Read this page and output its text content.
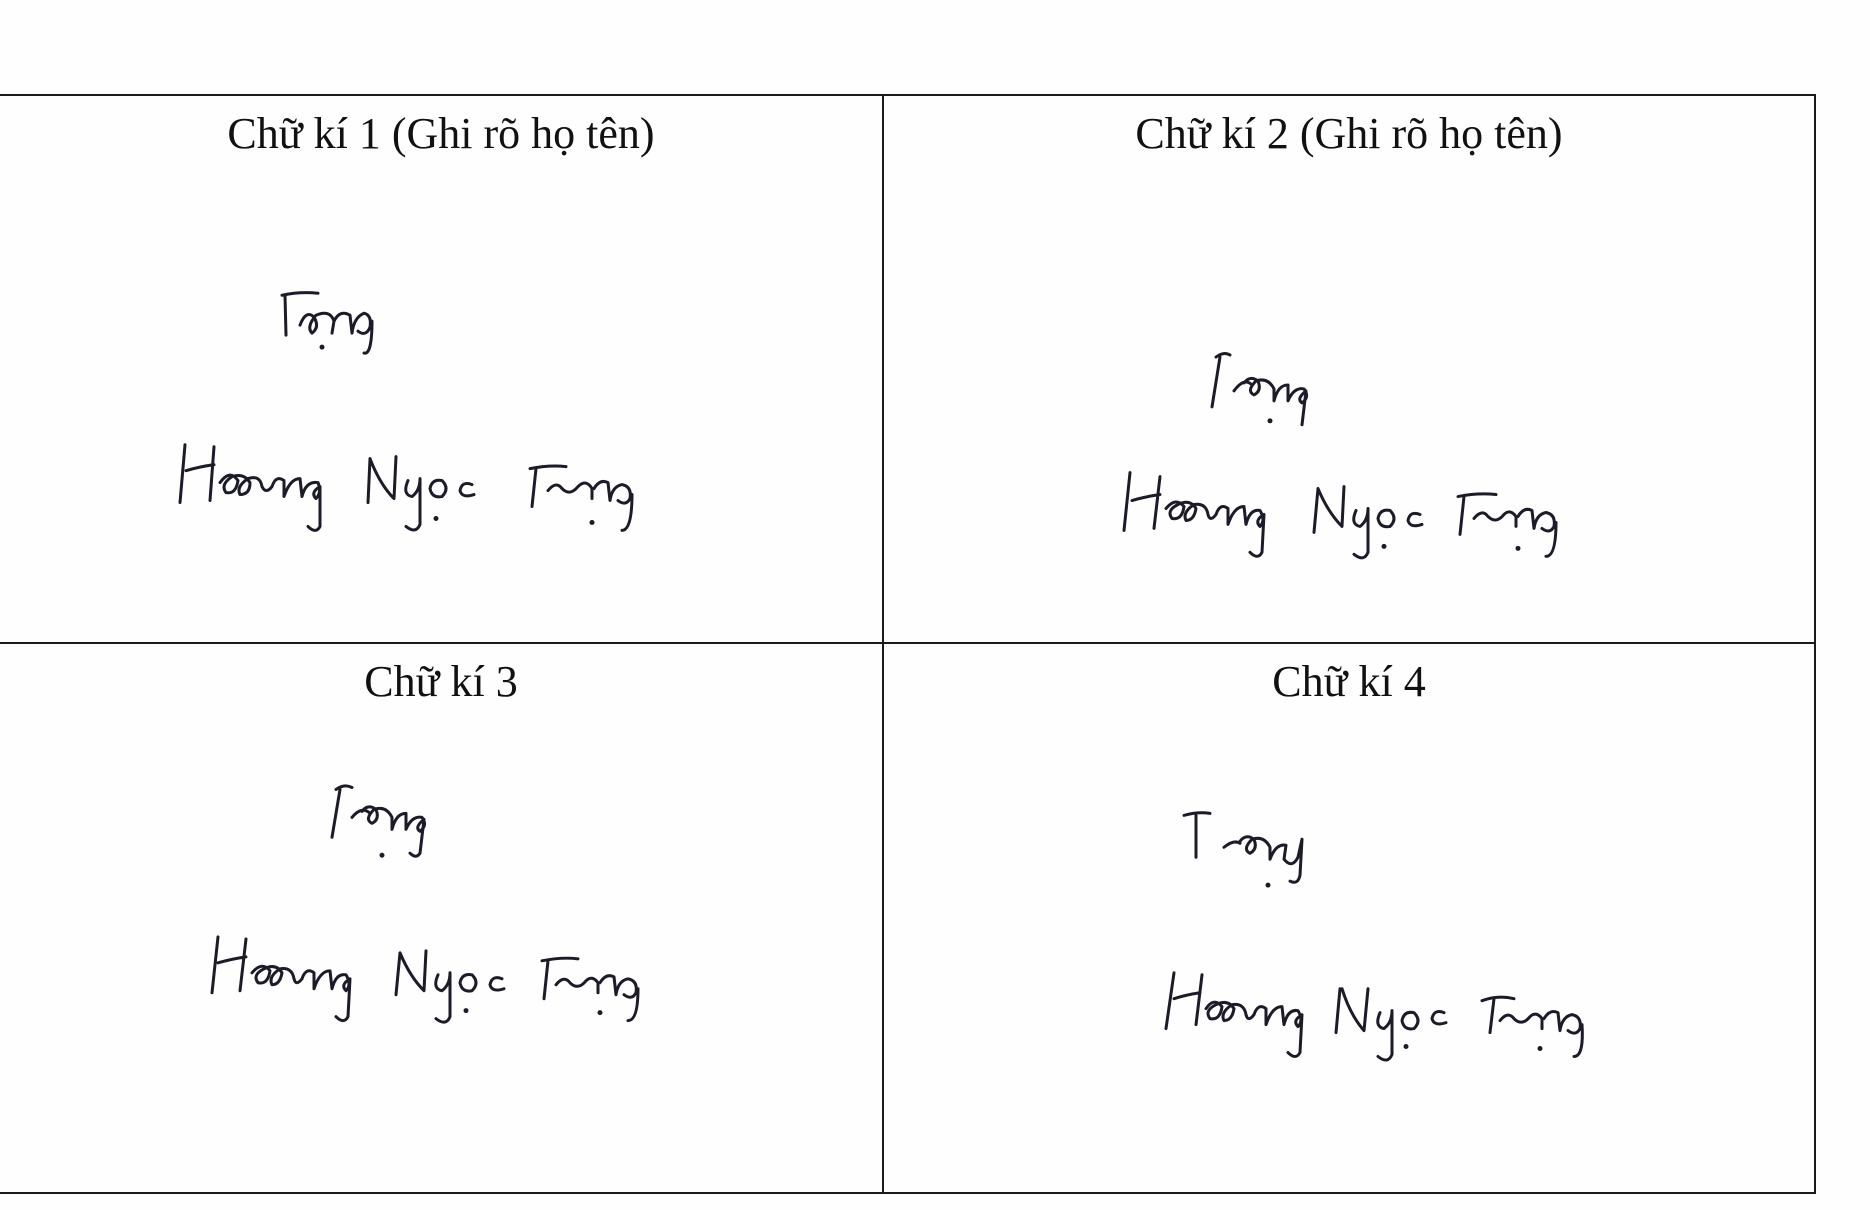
Chữ kí 1 (Ghi rõ họ tên)	Chữ kí 2 (Ghi rõ họ tên)

Chữ kí 3	Chữ kí 4
